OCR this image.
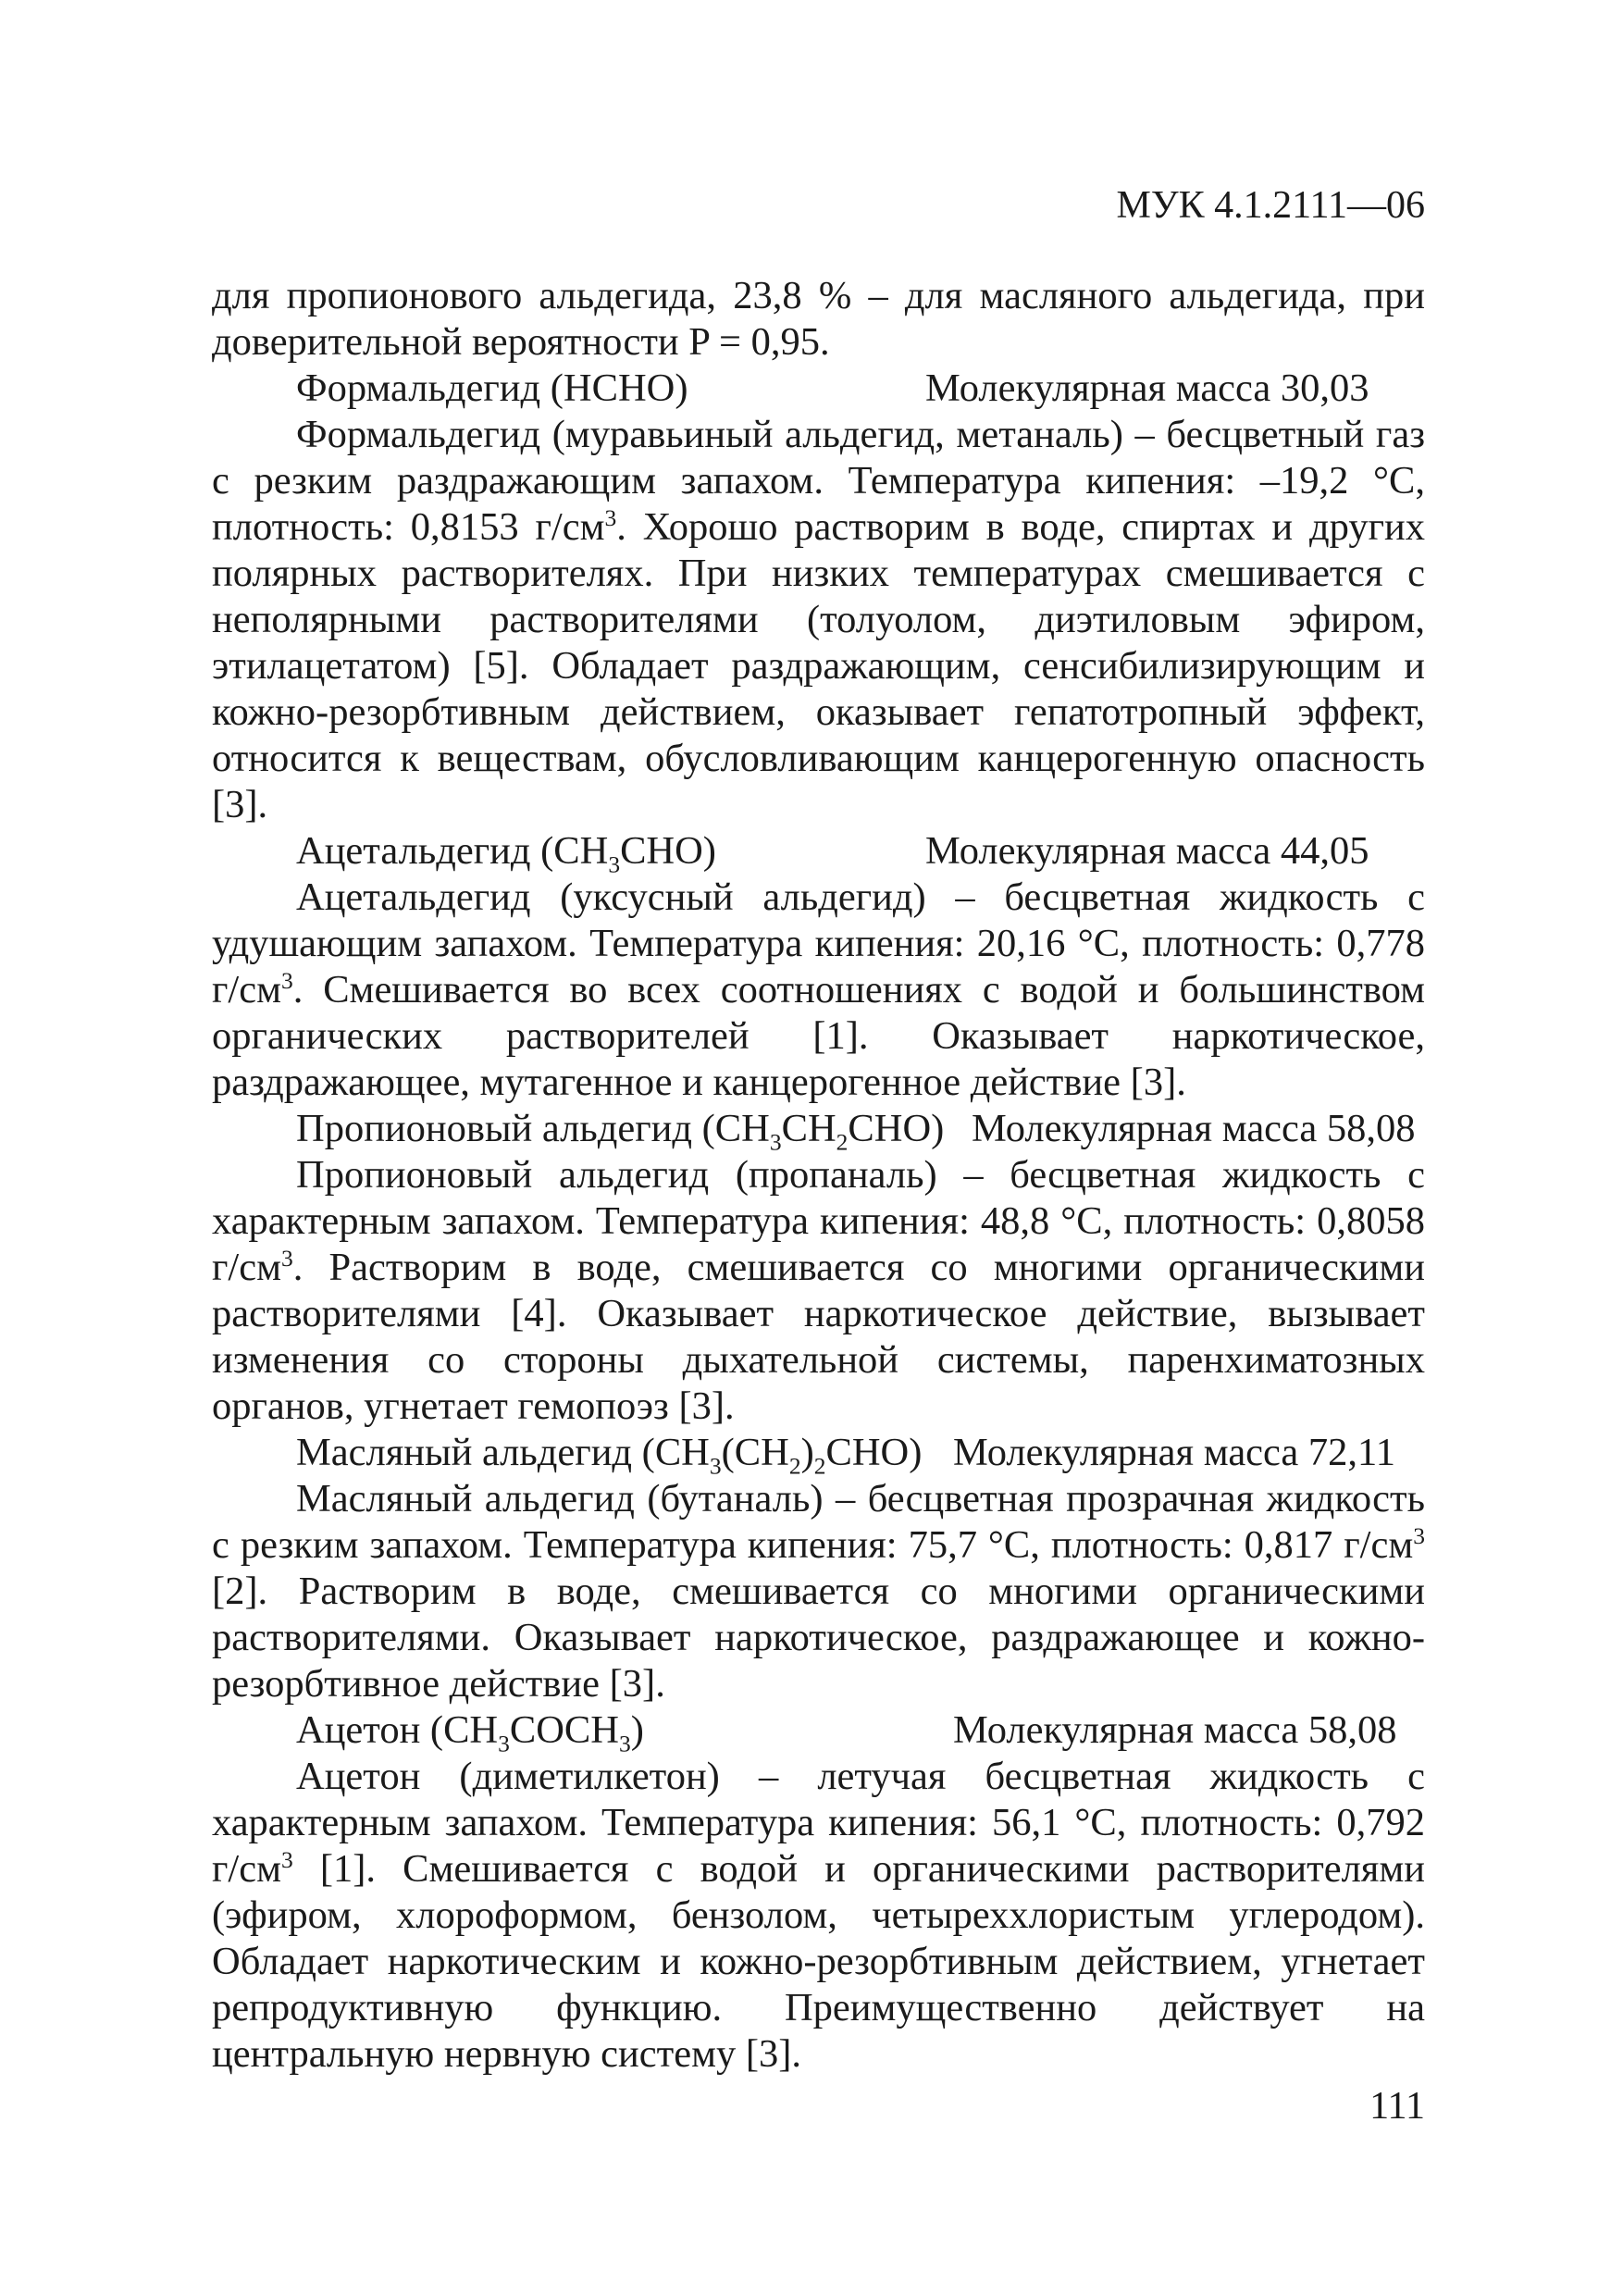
МУК 4.1.2111—06

для пропионового альдегида, 23,8 % – для масляного альдегида, при доверительной вероятности P = 0,95.

Формальдегид (HCHO)	Молекулярная масса 30,03

Формальдегид (муравьиный альдегид, метаналь) – бесцветный газ с резким раздражающим запахом. Температура кипения: –19,2 °С, плотность: 0,8153 $г/см^3$. Хорошо растворим в воде, спиртах и других полярных растворителях. При низких температурах смешивается с неполярными растворителями (толуолом, диэтиловым эфиром, этилацетатом) [5]. Обладает раздражающим, сенсибилизирующим и кожно-резорбтивным действием, оказывает гепатотропный эффект, относится к веществам, обусловливающим канцерогенную опасность [3].

Ацетальдегид $(CH_3CHO)$	Молекулярная масса 44,05

Ацетальдегид (уксусный альдегид) – бесцветная жидкость с удушающим запахом. Температура кипения: 20,16 °С, плотность: 0,778 $г/см^3$. Смешивается во всех соотношениях с водой и большинством органических растворителей [1]. Оказывает наркотическое, раздражающее, мутагенное и канцерогенное действие [3].

Пропионовый альдегид $(CH_3CH_2CHO)$ Молекулярная масса 58,08

Пропионовый альдегид (пропаналь) – бесцветная жидкость с характерным запахом. Температура кипения: 48,8 °С, плотность: 0,8058 $г/см^3$. Растворим в воде, смешивается со многими органическими растворителями [4]. Оказывает наркотическое действие, вызывает изменения со стороны дыхательной системы, паренхиматозных органов, угнетает гемопоэз [3].

Масляный альдегид $(CH_3(CH_2)_2CHO)$ Молекулярная масса 72,11

Масляный альдегид (бутаналь) – бесцветная прозрачная жидкость с резким запахом. Температура кипения: 75,7 °С, плотность: 0,817 $г/см^3$ [2]. Растворим в воде, смешивается со многими органическими растворителями. Оказывает наркотическое, раздражающее и кожно-резорбтивное действие [3].

Ацетон $(CH_3COCH_3)$	Молекулярная масса 58,08

Ацетон (диметилкетон) – летучая бесцветная жидкость с характерным запахом. Температура кипения: 56,1 °С, плотность: 0,792 $г/см^3$ [1]. Смешивается с водой и органическими растворителями (эфиром, хлороформом, бензолом, четыреххлористым углеродом). Обладает наркотическим и кожно-резорбтивным действием, угнетает репродуктивную функцию. Преимущественно действует на центральную нервную систему [3].

111
